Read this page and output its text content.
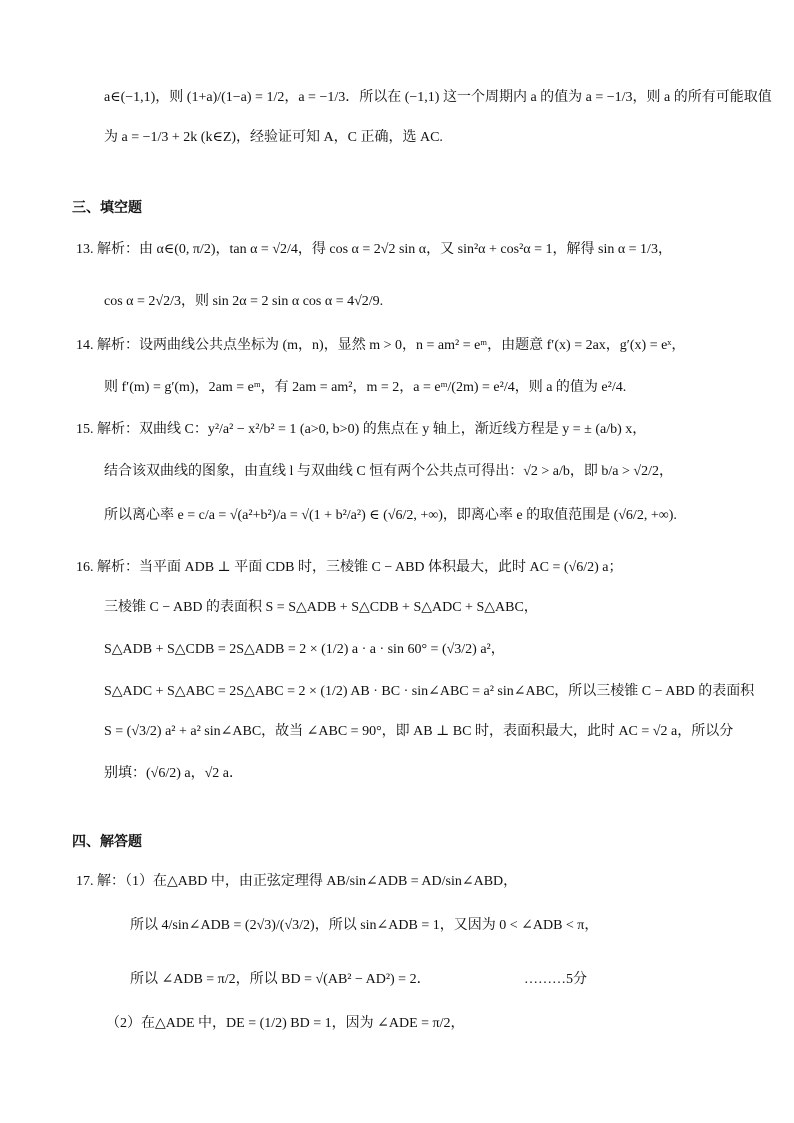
a∈(−1,1)，则 (1+a)/(1−a) = 1/2，a = −1/3．所以在 (−1,1) 这一个周期内 a 的值为 a = −1/3，则 a 的所有可能取值
为 a = −1/3 + 2k (k∈Z)，经验证可知 A，C 正确，选 AC.
三、填空题
13. 解析：由 α∈(0, π/2)，tan α = √2/4，得 cos α = 2√2 sin α，又 sin²α + cos²α = 1，解得 sin α = 1/3，
cos α = 2√2/3，则 sin 2α = 2 sin α cos α = 4√2/9.
14. 解析：设两曲线公共点坐标为 (m，n)，显然 m > 0，n = am² = eᵐ，由题意 f′(x) = 2ax，g′(x) = eˣ，
则 f′(m) = g′(m)，2am = eᵐ，有 2am = am²，m = 2，a = eᵐ/(2m) = e²/4，则 a 的值为 e²/4.
15. 解析：双曲线 C：y²/a² − x²/b² = 1 (a>0, b>0) 的焦点在 y 轴上，渐近线方程是 y = ± (a/b) x，
结合该双曲线的图象，由直线 l 与双曲线 C 恒有两个公共点可得出：√2 > a/b，即 b/a > √2/2，
所以离心率 e = c/a = √(a²+b²)/a = √(1 + b²/a²) ∈ (√6/2, +∞)，即离心率 e 的取值范围是 (√6/2, +∞).
16. 解析：当平面 ADB ⊥ 平面 CDB 时，三棱锥 C − ABD 体积最大，此时 AC = (√6/2) a；
三棱锥 C − ABD 的表面积 S = S△ADB + S△CDB + S△ADC + S△ABC，
S△ADB + S△CDB = 2S△ADB = 2 × (1/2) a · a · sin 60° = (√3/2) a²，
S△ADC + S△ABC = 2S△ABC = 2 × (1/2) AB · BC · sin∠ABC = a² sin∠ABC，所以三棱锥 C − ABD 的表面积
S = (√3/2) a² + a² sin∠ABC，故当 ∠ABC = 90°，即 AB ⊥ BC 时，表面积最大，此时 AC = √2 a，所以分
别填：(√6/2) a，√2 a．
四、解答题
17. 解：（1）在△ABD 中，由正弦定理得 AB/sin∠ADB = AD/sin∠ABD，
所以 4/sin∠ADB = (2√3)/(√3/2)，所以 sin∠ADB = 1，又因为 0 < ∠ADB < π，
所以 ∠ADB = π/2，所以 BD = √(AB² − AD²) = 2．	………5分
（2）在△ADE 中，DE = (1/2) BD = 1，因为 ∠ADE = π/2，
